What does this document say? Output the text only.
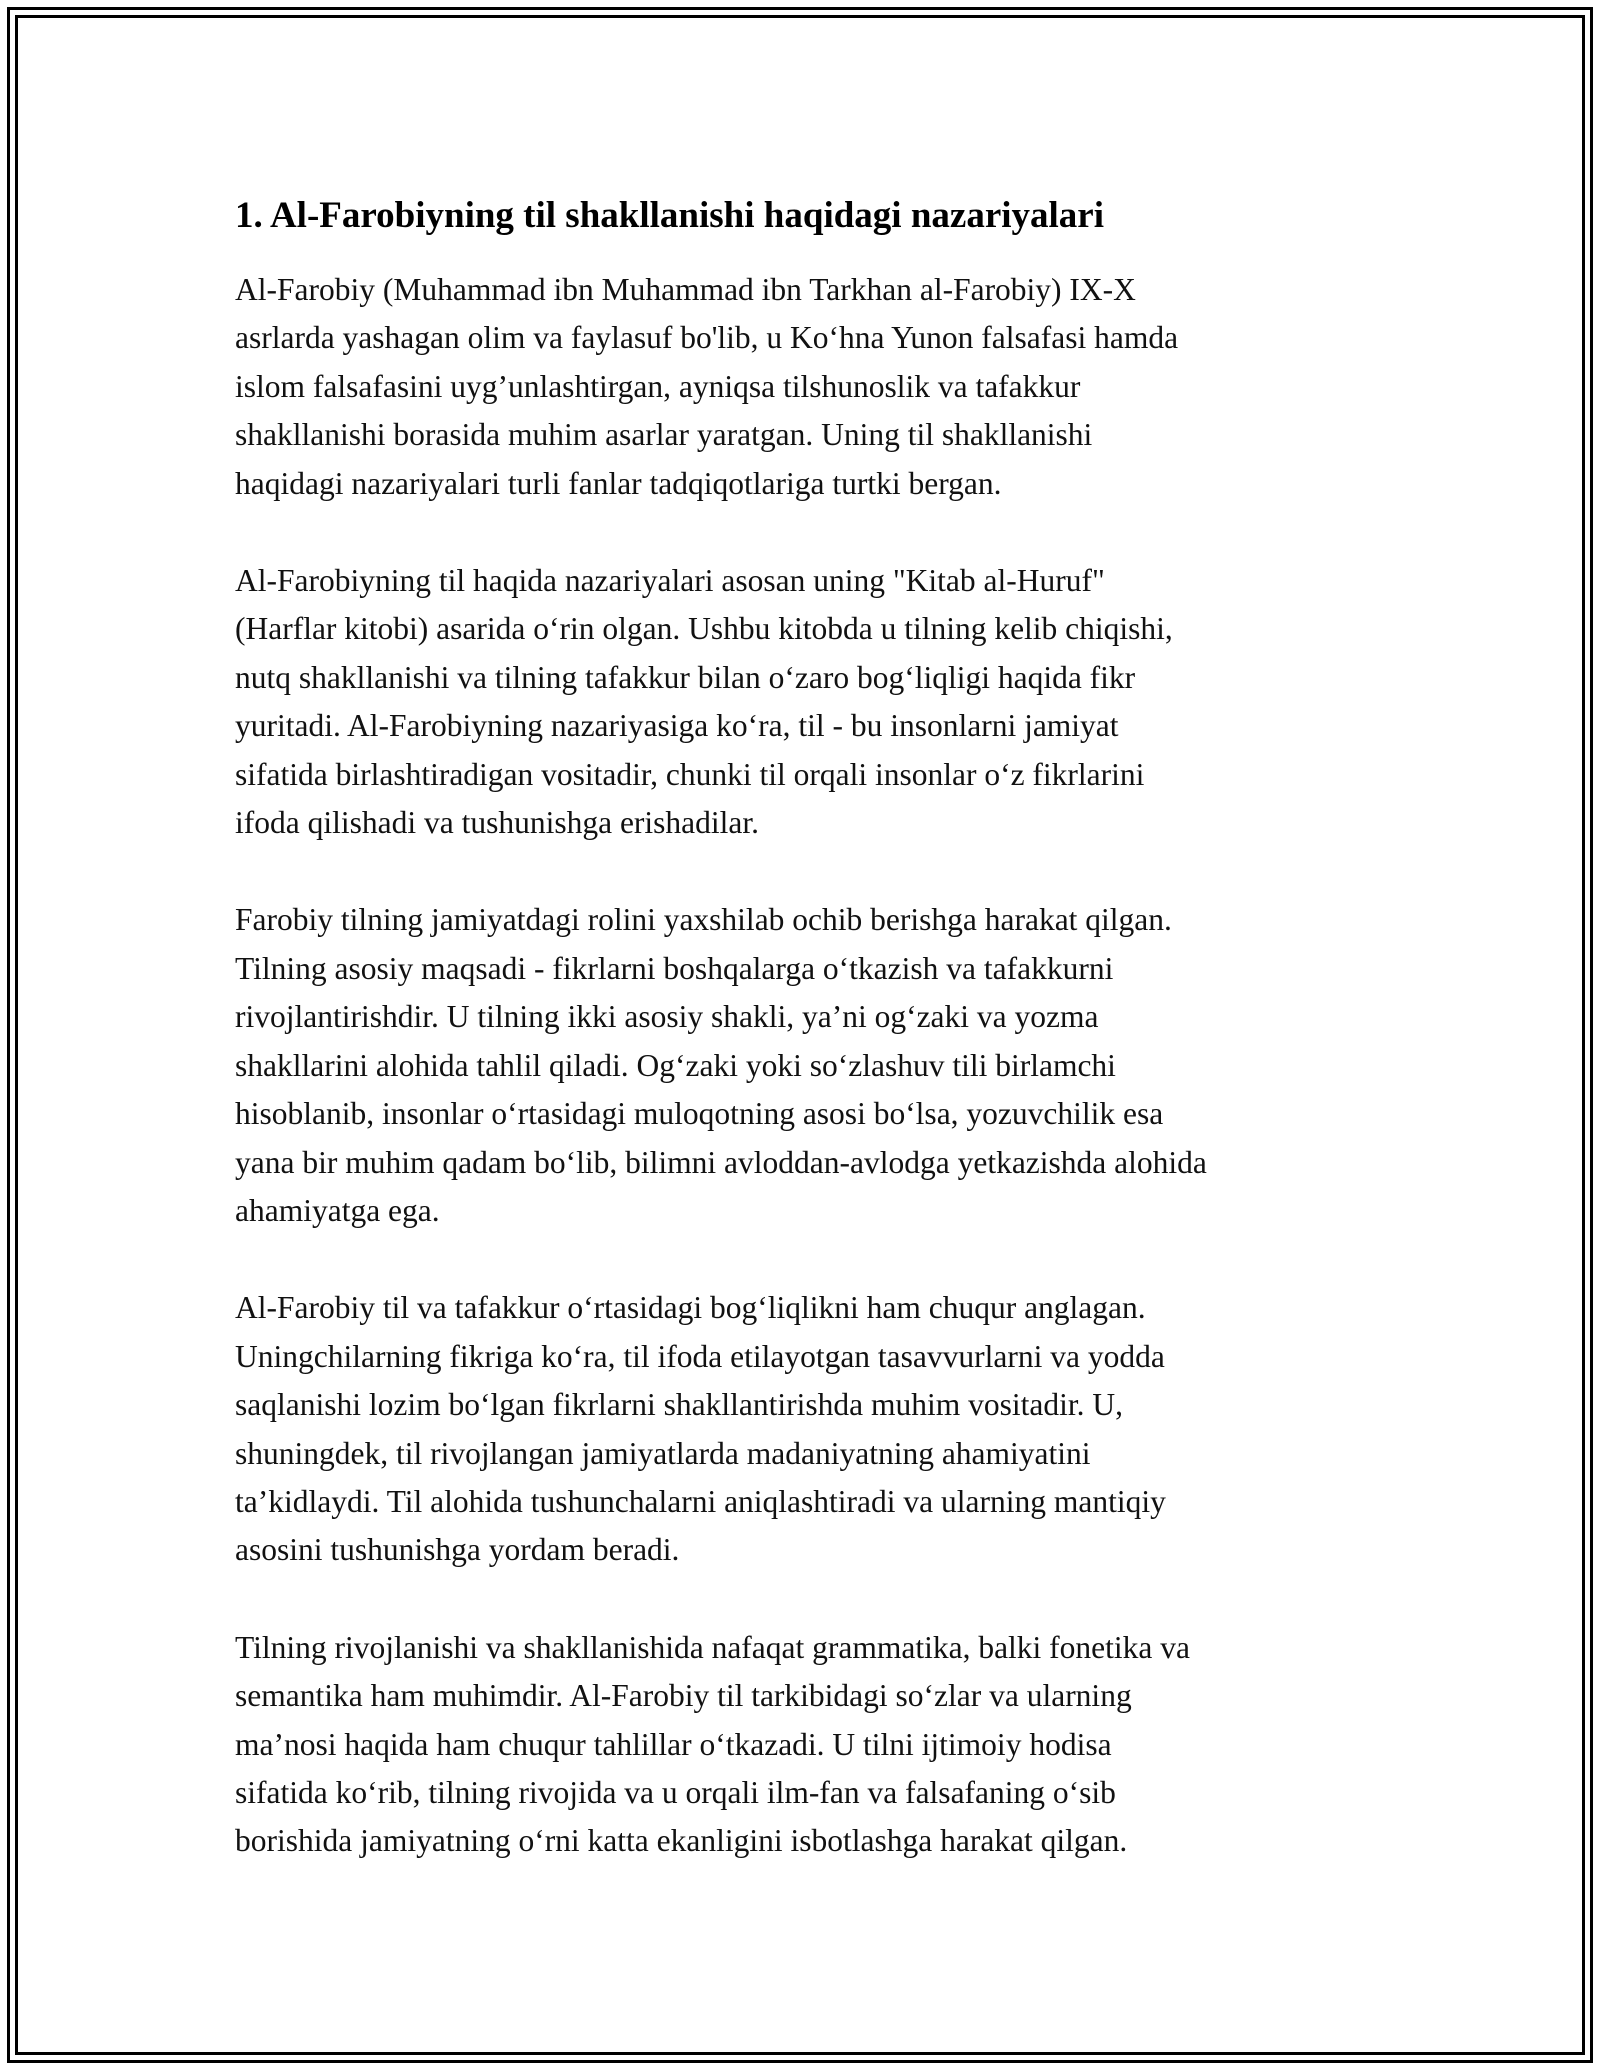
1. Al-Farobiyning til shakllanishi haqidagi nazariyalari

Al-Farobiy (Muhammad ibn Muhammad ibn Tarkhan al-Farobiy) IX-X
asrlarda yashagan olim va faylasuf bo'lib, u Ko‘hna Yunon falsafasi hamda
islom falsafasini uyg’unlashtirgan, ayniqsa tilshunoslik va tafakkur
shakllanishi borasida muhim asarlar yaratgan. Uning til shakllanishi
haqidagi nazariyalari turli fanlar tadqiqotlariga turtki bergan.

Al-Farobiyning til haqida nazariyalari asosan uning "Kitab al-Huruf"
(Harflar kitobi) asarida o‘rin olgan. Ushbu kitobda u tilning kelib chiqishi,
nutq shakllanishi va tilning tafakkur bilan o‘zaro bog‘liqligi haqida fikr
yuritadi. Al-Farobiyning nazariyasiga ko‘ra, til - bu insonlarni jamiyat
sifatida birlashtiradigan vositadir, chunki til orqali insonlar o‘z fikrlarini
ifoda qilishadi va tushunishga erishadilar.

Farobiy tilning jamiyatdagi rolini yaxshilab ochib berishga harakat qilgan.
Tilning asosiy maqsadi - fikrlarni boshqalarga o‘tkazish va tafakkurni
rivojlantirishdir. U tilning ikki asosiy shakli, ya’ni og‘zaki va yozma
shakllarini alohida tahlil qiladi. Og‘zaki yoki so‘zlashuv tili birlamchi
hisoblanib, insonlar o‘rtasidagi muloqotning asosi bo‘lsa, yozuvchilik esa
yana bir muhim qadam bo‘lib, bilimni avloddan-avlodga yetkazishda alohida
ahamiyatga ega.

Al-Farobiy til va tafakkur o‘rtasidagi bog‘liqlikni ham chuqur anglagan.
Uningchilarning fikriga ko‘ra, til ifoda etilayotgan tasavvurlarni va yodda
saqlanishi lozim bo‘lgan fikrlarni shakllantirishda muhim vositadir. U,
shuningdek, til rivojlangan jamiyatlarda madaniyatning ahamiyatini
ta’kidlaydi. Til alohida tushunchalarni aniqlashtiradi va ularning mantiqiy
asosini tushunishga yordam beradi.

Tilning rivojlanishi va shakllanishida nafaqat grammatika, balki fonetika va
semantika ham muhimdir. Al-Farobiy til tarkibidagi so‘zlar va ularning
ma’nosi haqida ham chuqur tahlillar o‘tkazadi. U tilni ijtimoiy hodisa
sifatida ko‘rib, tilning rivojida va u orqali ilm-fan va falsafaning o‘sib
borishida jamiyatning o‘rni katta ekanligini isbotlashga harakat qilgan.
